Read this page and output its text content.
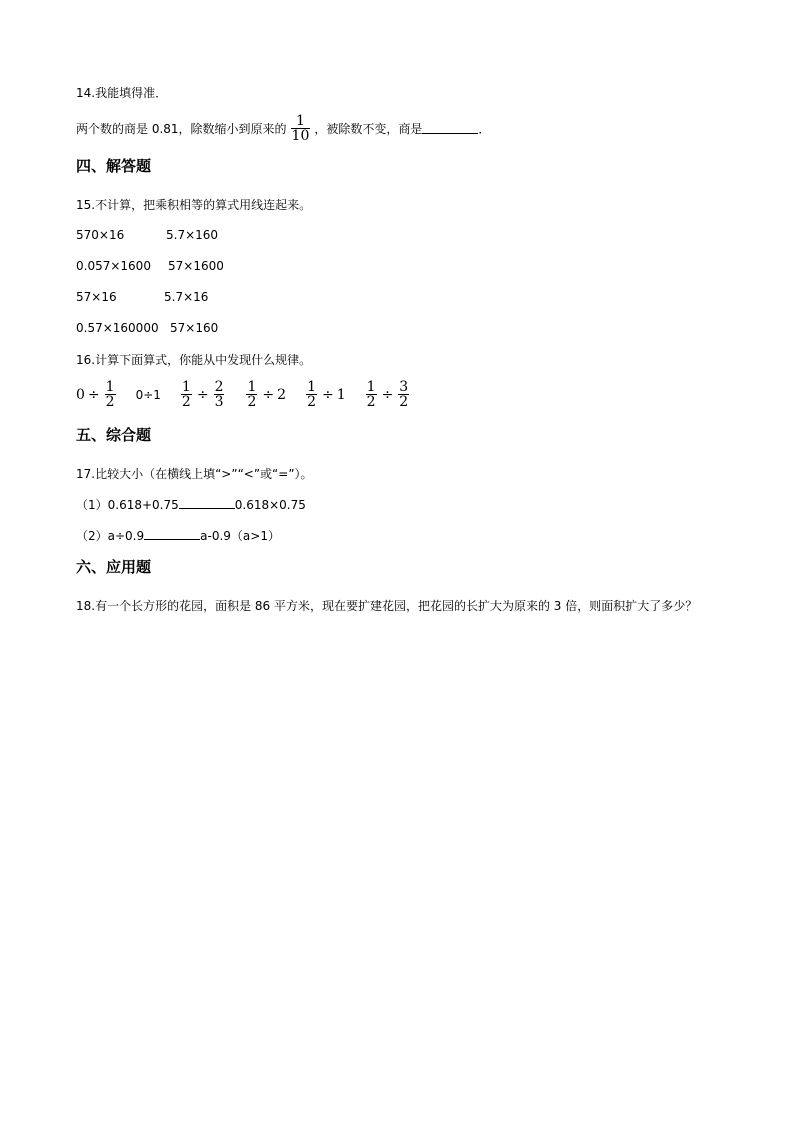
14.我能填得准．
两个数的商是 0.81，除数缩小到原来的 $\frac{1}{10}$ ，被除数不变，商是	．
四、解答题
15.不计算，把乘积相等的算式用线连起来。
570×16	5.7×160
0.057×1600 57×1600
57×16	5.7×16
0.57×160000 57×160
16.计算下面算式，你能从中发现什么规律。
$0 \div \frac{1}{2} 0\div 1 \frac{1}{2} \div \frac{2}{3} \frac{1}{2} \div 2 \frac{1}{2} \div 1 \frac{1}{2} \div \frac{3}{2}$
五、综合题
17.比较大小（在横线上填“>”“<”或“=”）。
（1）0.618+0.75	0.618×0.75
（2）a÷0.9	a-0.9（a>1）
六、应用题
18.有一个长方形的花园，面积是 86 平方米，现在要扩建花园，把花园的长扩大为原来的 3 倍，则面积扩大了多少？
